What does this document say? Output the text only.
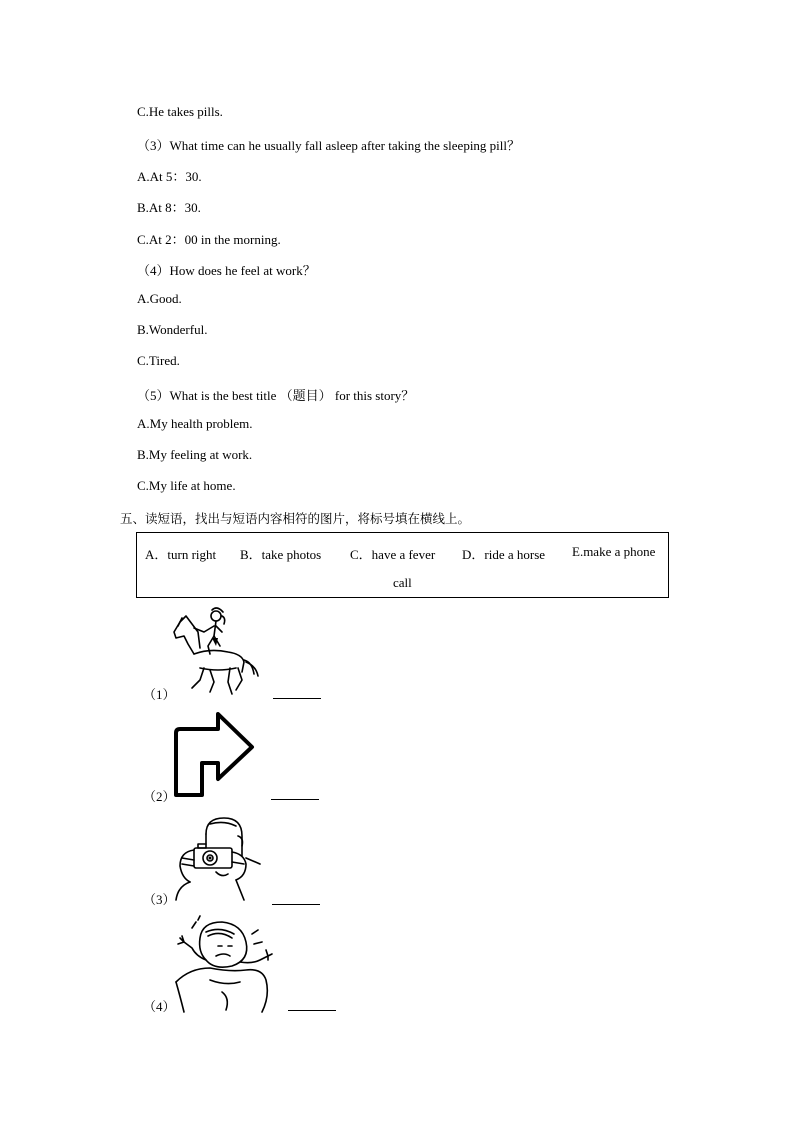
C.He takes pills.
（3）What time can he usually fall asleep after taking the sleeping pill？
A.At 5：30.
B.At 8：30.
C.At 2：00 in the morning.
（4）How does he feel at work？
A.Good.
B.Wonderful.
C.Tired.
（5）What is the best title （题目） for this story？
A.My health problem.
B.My feeling at work.
C.My life at home.
五、读短语，找出与短语内容相符的图片，将标号填在横线上。
A．turn right B．take photos C．have a fever D．ride a horse E.make a phone
call
（1）
（2）
（3）
（4）
